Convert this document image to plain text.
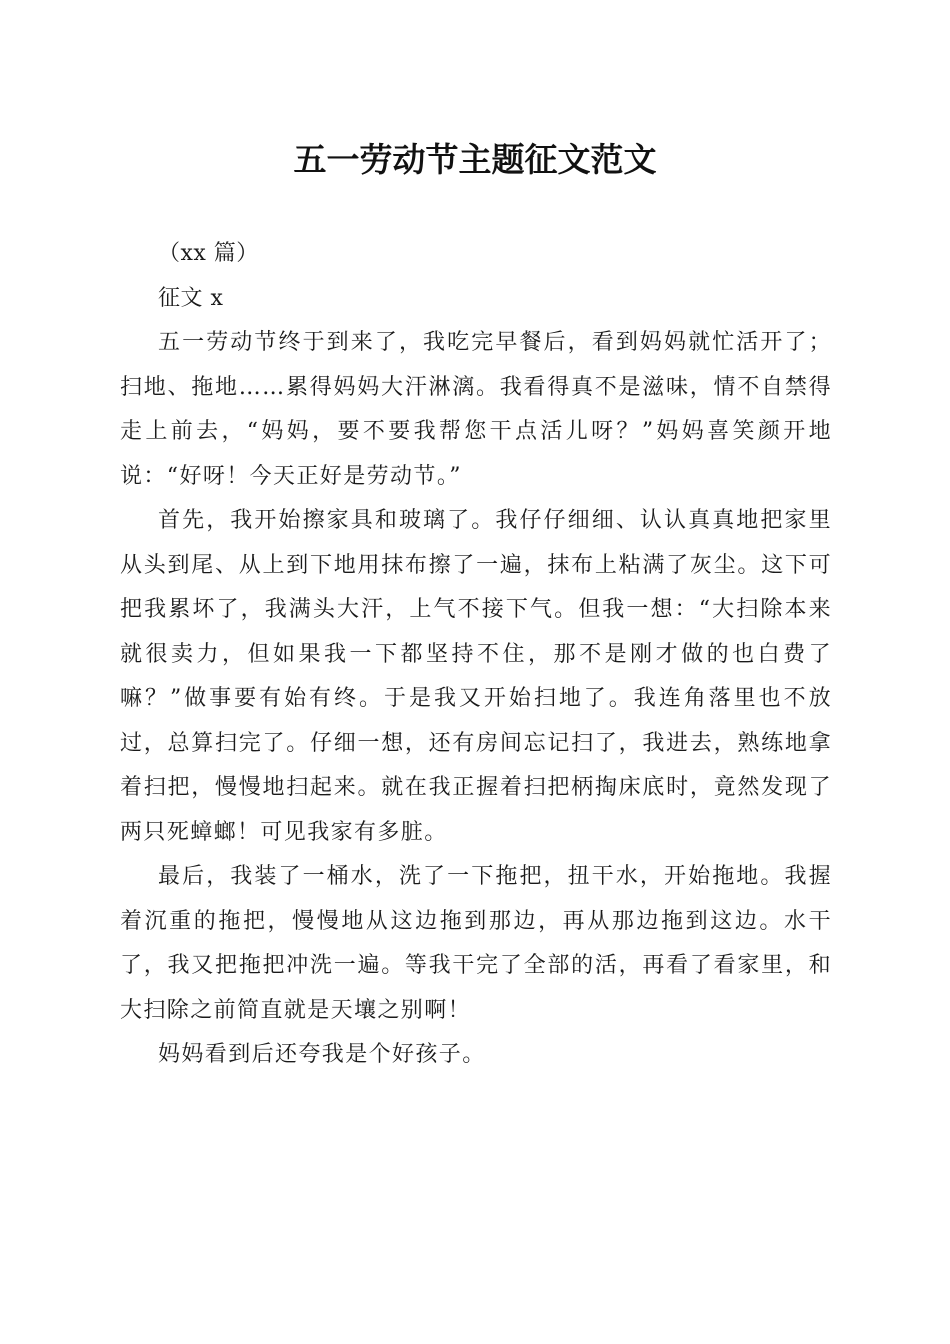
五一劳动节主题征文范文

（xx 篇）

征文 x

五一劳动节终于到来了，我吃完早餐后，看到妈妈就忙活开了；扫地、拖地……累得妈妈大汗淋漓。我看得真不是滋味，情不自禁得走上前去，“妈妈，要不要我帮您干点活儿呀？”妈妈喜笑颜开地说：“好呀！今天正好是劳动节。”

首先，我开始擦家具和玻璃了。我仔仔细细、认认真真地把家里从头到尾、从上到下地用抹布擦了一遍，抹布上粘满了灰尘。这下可把我累坏了，我满头大汗，上气不接下气。但我一想：“大扫除本来就很卖力，但如果我一下都坚持不住，那不是刚才做的也白费了嘛？”做事要有始有终。于是我又开始扫地了。我连角落里也不放过，总算扫完了。仔细一想，还有房间忘记扫了，我进去，熟练地拿着扫把，慢慢地扫起来。就在我正握着扫把柄掏床底时，竟然发现了两只死蟑螂！可见我家有多脏。

最后，我装了一桶水，洗了一下拖把，扭干水，开始拖地。我握着沉重的拖把，慢慢地从这边拖到那边，再从那边拖到这边。水干了，我又把拖把冲洗一遍。等我干完了全部的活，再看了看家里，和大扫除之前简直就是天壤之别啊！

妈妈看到后还夸我是个好孩子。
